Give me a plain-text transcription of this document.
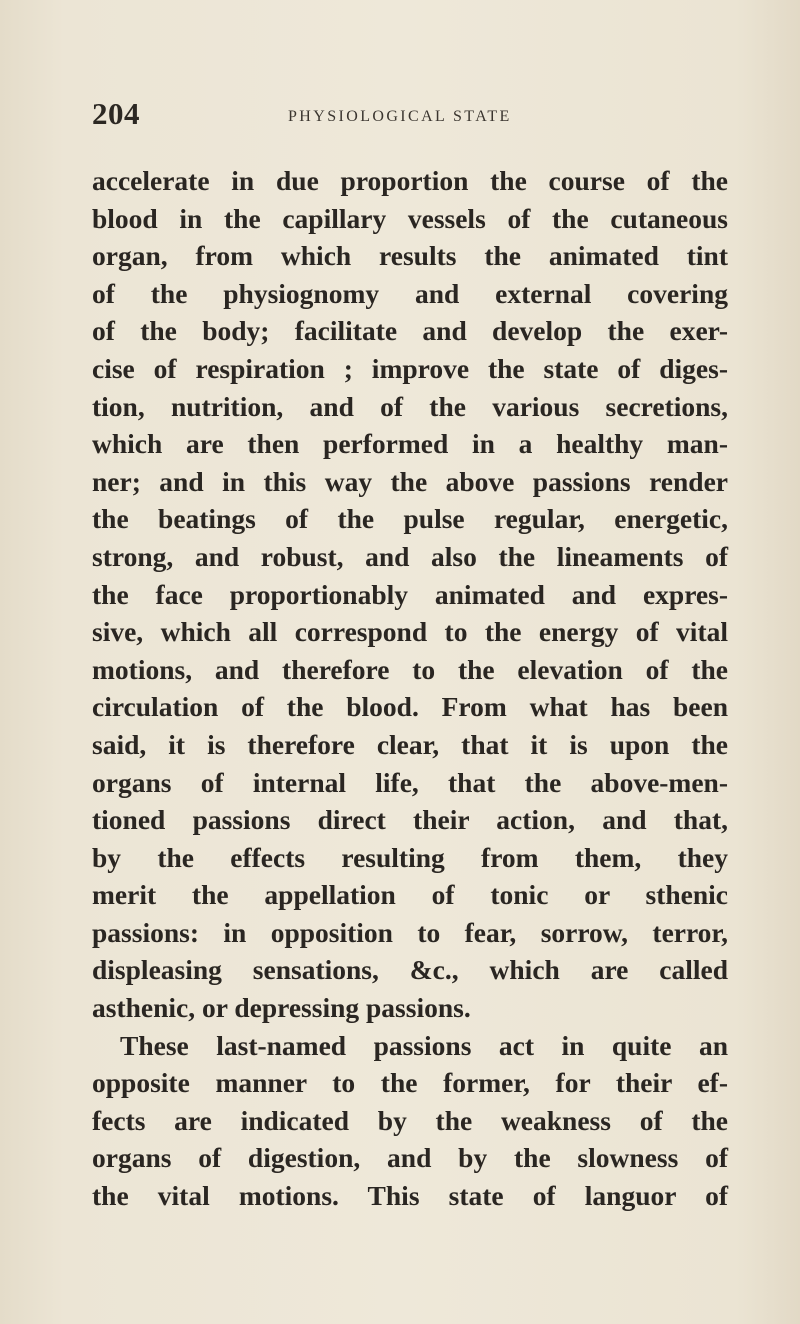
204	PHYSIOLOGICAL STATE
accelerate in due proportion the course of the
blood in the capillary vessels of the cutaneous
organ, from which results the animated tint
of the physiognomy and external covering
of the body; facilitate and develop the exer-
cise of respiration ; improve the state of diges-
tion, nutrition, and of the various secretions,
which are then performed in a healthy man-
ner; and in this way the above passions render
the beatings of the pulse regular, energetic,
strong, and robust, and also the lineaments of
the face proportionably animated and expres-
sive, which all correspond to the energy of vital
motions, and therefore to the elevation of the
circulation of the blood. From what has been
said, it is therefore clear, that it is upon the
organs of internal life, that the above-men-
tioned passions direct their action, and that,
by the effects resulting from them, they
merit the appellation of tonic or sthenic
passions: in opposition to fear, sorrow, terror,
displeasing sensations, &c., which are called
asthenic, or depressing passions.
These last-named passions act in quite an
opposite manner to the former, for their ef-
fects are indicated by the weakness of the
organs of digestion, and by the slowness of
the vital motions. This state of languor of
